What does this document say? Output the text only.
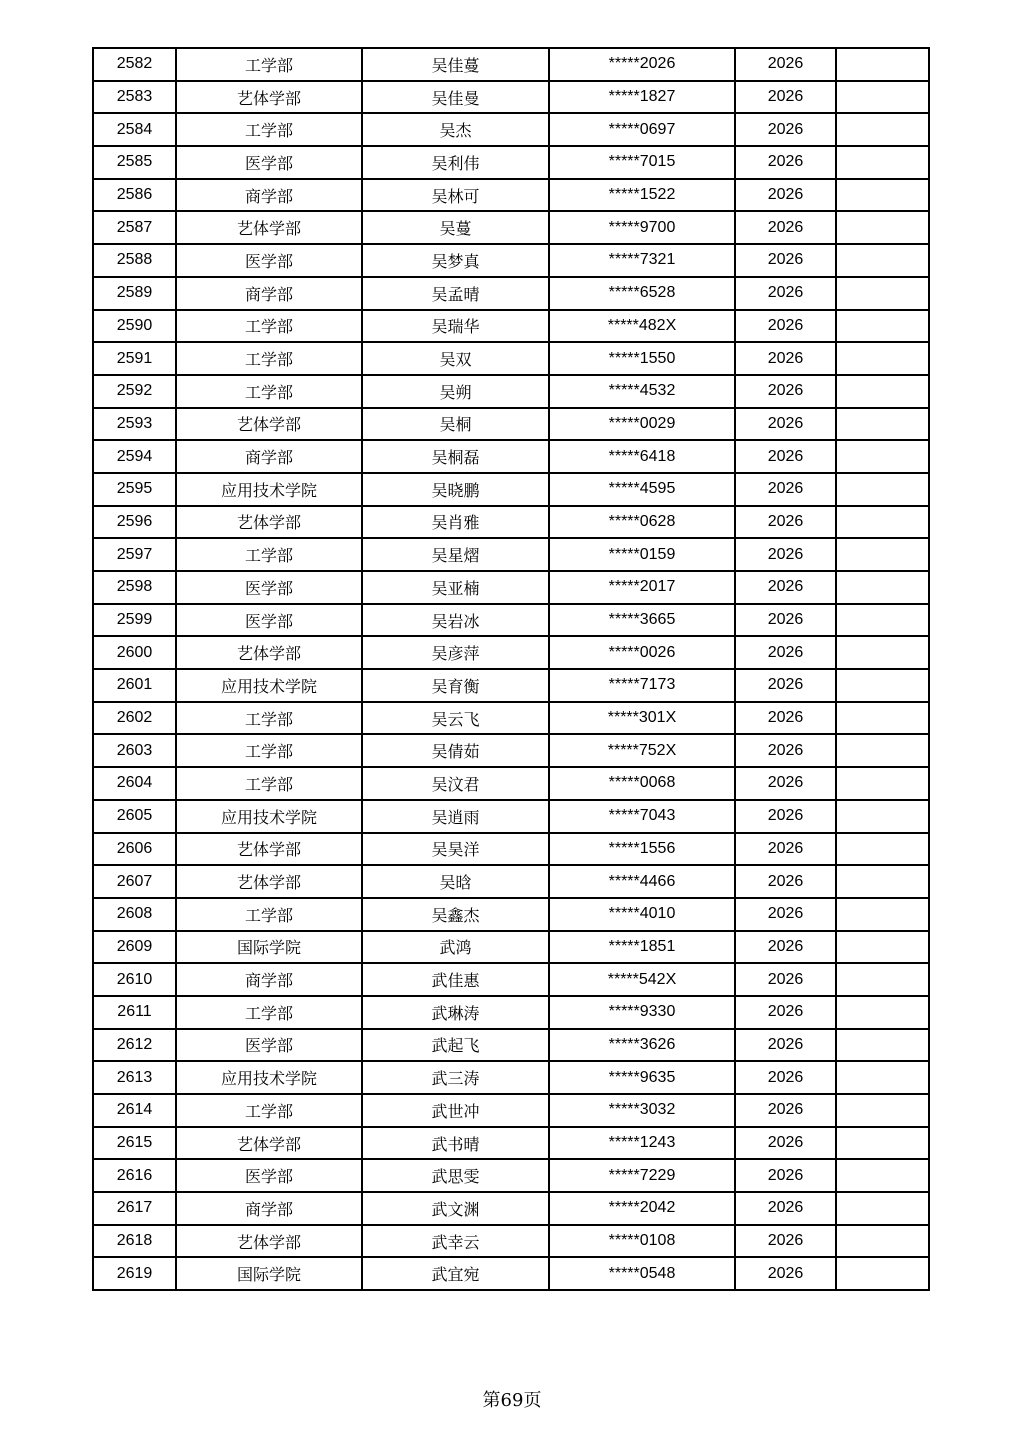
2582	工学部	吴佳蔓	*****2026	2026	
2583	艺体学部	吴佳曼	*****1827	2026	
2584	工学部	吴杰	*****0697	2026	
2585	医学部	吴利伟	*****7015	2026	
2586	商学部	吴林可	*****1522	2026	
2587	艺体学部	吴蔓	*****9700	2026	
2588	医学部	吴梦真	*****7321	2026	
2589	商学部	吴孟晴	*****6528	2026	
2590	工学部	吴瑞华	*****482X	2026	
2591	工学部	吴双	*****1550	2026	
2592	工学部	吴朔	*****4532	2026	
2593	艺体学部	吴桐	*****0029	2026	
2594	商学部	吴桐磊	*****6418	2026	
2595	应用技术学院	吴晓鹏	*****4595	2026	
2596	艺体学部	吴肖雅	*****0628	2026	
2597	工学部	吴星熠	*****0159	2026	
2598	医学部	吴亚楠	*****2017	2026	
2599	医学部	吴岩冰	*****3665	2026	
2600	艺体学部	吴彦萍	*****0026	2026	
2601	应用技术学院	吴育衡	*****7173	2026	
2602	工学部	吴云飞	*****301X	2026	
2603	工学部	吴倩茹	*****752X	2026	
2604	工学部	吴汶君	*****0068	2026	
2605	应用技术学院	吴逍雨	*****7043	2026	
2606	艺体学部	吴昊洋	*****1556	2026	
2607	艺体学部	吴晗	*****4466	2026	
2608	工学部	吴鑫杰	*****4010	2026	
2609	国际学院	武鸿	*****1851	2026	
2610	商学部	武佳惠	*****542X	2026	
2611	工学部	武琳涛	*****9330	2026	
2612	医学部	武起飞	*****3626	2026	
2613	应用技术学院	武三涛	*****9635	2026	
2614	工学部	武世冲	*****3032	2026	
2615	艺体学部	武书晴	*****1243	2026	
2616	医学部	武思雯	*****7229	2026	
2617	商学部	武文渊	*****2042	2026	
2618	艺体学部	武幸云	*****0108	2026	
2619	国际学院	武宜宛	*****0548	2026	
第69页
